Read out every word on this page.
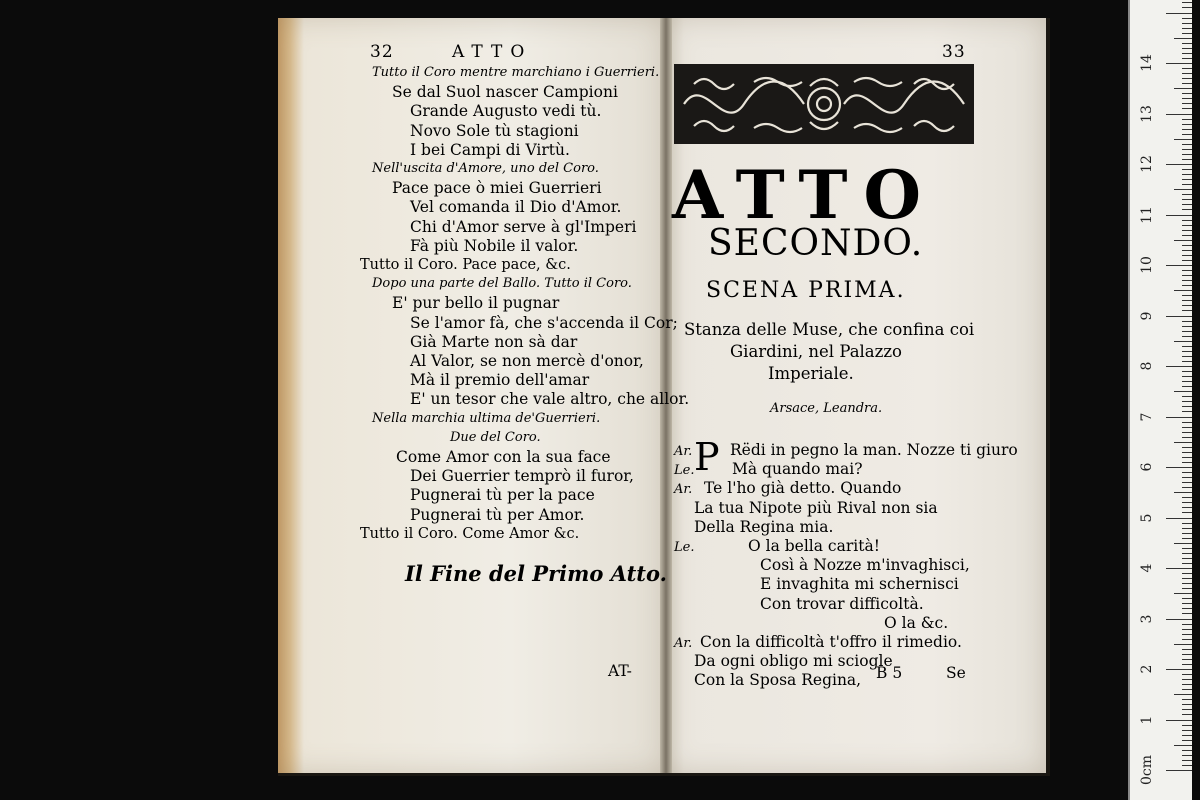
32	ATTO
Tutto il Coro mentre marchiano i Guerrieri.
Se dal Suol nascer Campioni
Grande Augusto vedi tù.
Novo Sole tù stagioni
I bei Campi di Virtù.
Nell'uscita d'Amore, uno del Coro.
Pace pace ò miei Guerrieri
Vel comanda il Dio d'Amor.
Chi d'Amor serve à gl'Imperi
Fà più Nobile il valor.
Tutto il Coro. Pace pace, &c.
Dopo una parte del Ballo. Tutto il Coro.
E' pur bello il pugnar
Se l'amor fà, che s'accenda il Cor;
Già Marte non sà dar
Al Valor, se non mercè d'onor,
Mà il premio dell'amar
E' un tesor che vale altro, che allor.
Nella marchia ultima de'Guerrieri.
Due del Coro.
Come Amor con la sua face
Dei Guerrier temprò il furor,
Pugnerai tù per la pace
Pugnerai tù per Amor.
Tutto il Coro. Come Amor &c.
Il Fine del Primo Atto.
AT-
33
ATTO
SECONDO.
SCENA PRIMA.
Stanza delle Muse, che confina coi
Giardini, nel Palazzo
Imperiale.
Arsace, Leandra.
P
Ar. Rëdi in pegno la man. Nozze ti giuro
Le. Mà quando mai?
Ar. Te l'ho già detto. Quando
La tua Nipote più Rival non sia
Della Regina mia.
Le.	O la bella carità!
Così à Nozze m'invaghisci,
E invaghita mi schernisci
Con trovar difficoltà.
O la &c.
Ar. Con la difficoltà t'offro il rimedio.
Da ogni obligo mi sciogle
Con la Sposa Regina, B 5	Se
14
13
12
11
10
9
8
7
6
5
4
3
2
1
0cm
